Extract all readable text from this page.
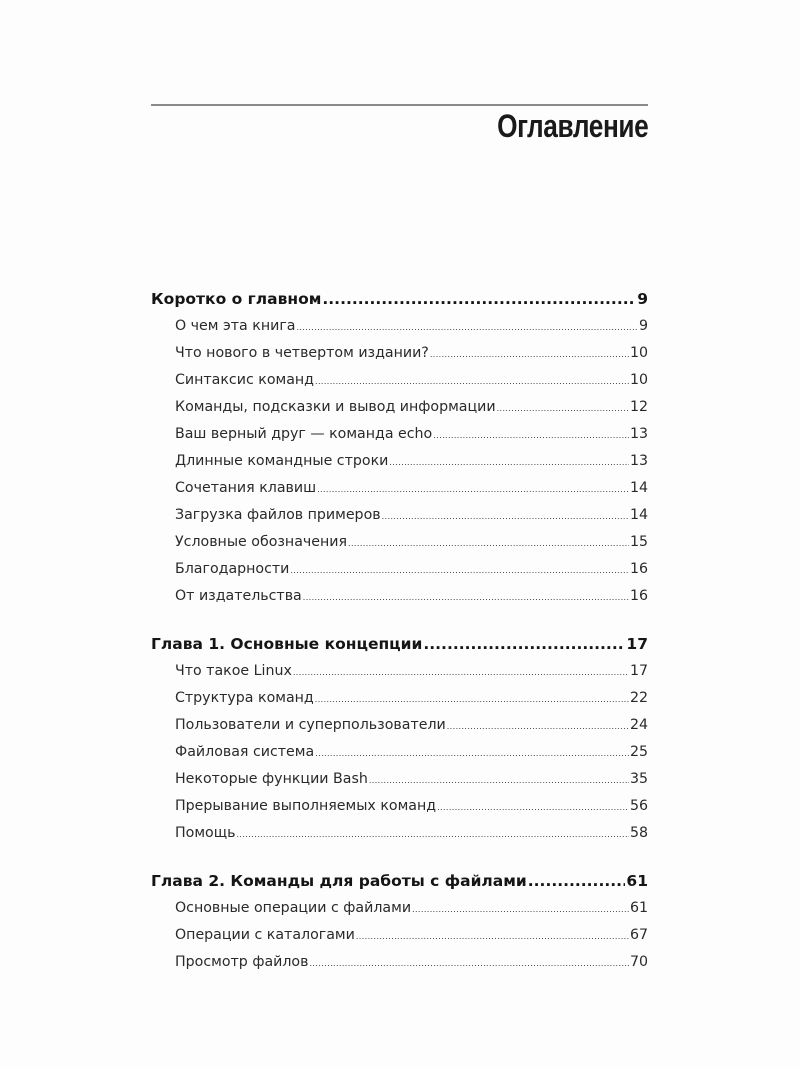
Оглавление
Коротко о главном .....	9
О чем эта книга .....	9
Что нового в четвертом издании? .....	10
Синтаксис команд .....	10
Команды, подсказки и вывод информации .....	12
Ваш верный друг — команда echo .....	13
Длинные командные строки .....	13
Сочетания клавиш .....	14
Загрузка файлов примеров .....	14
Условные обозначения .....	15
Благодарности .....	16
От издательства .....	16
Глава 1. Основные концепции .....	17
Что такое Linux .....	17
Структура команд .....	22
Пользователи и суперпользователи .....	24
Файловая система .....	25
Некоторые функции Bash .....	35
Прерывание выполняемых команд .....	56
Помощь .....	58
Глава 2. Команды для работы с файлами .....	61
Основные операции с файлами .....	61
Операции с каталогами .....	67
Просмотр файлов .....	70
